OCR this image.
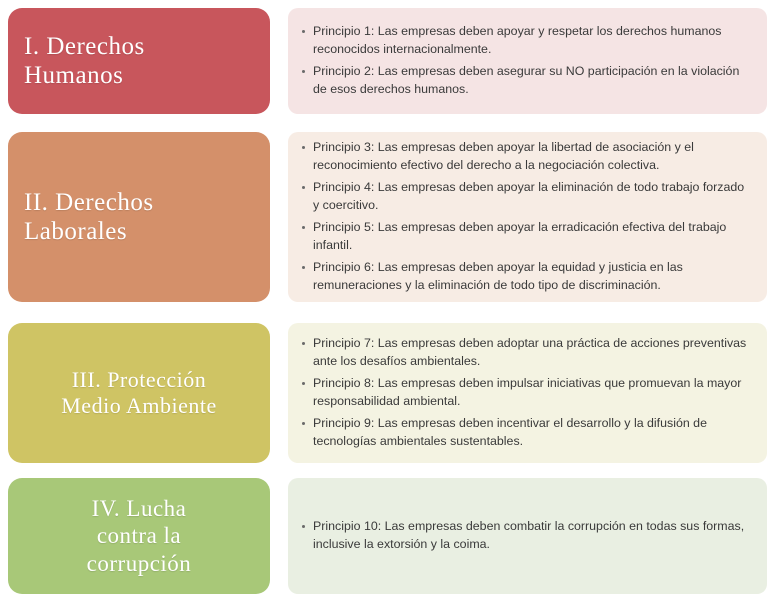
I. Derechos
Humanos
Principio 1: Las empresas deben apoyar y respetar los derechos humanos reconocidos internacionalmente.
Principio 2: Las empresas deben asegurar su NO participación en la violación de esos derechos humanos.
II. Derechos
Laborales
Principio 3: Las empresas deben apoyar la libertad de asociación y el reconocimiento efectivo del derecho a la negociación colectiva.
Principio 4: Las empresas deben apoyar la eliminación de todo trabajo forzado y coercitivo.
Principio 5: Las empresas deben apoyar la erradicación efectiva del trabajo infantil.
Principio 6: Las empresas deben apoyar la equidad y justicia en las remuneraciones y la eliminación de todo tipo de discriminación.
III. Protección
Medio Ambiente
Principio 7: Las empresas deben adoptar una práctica de acciones preventivas ante los desafíos ambientales.
Principio 8: Las empresas deben impulsar iniciativas que promuevan la mayor responsabilidad ambiental.
Principio 9: Las empresas deben incentivar el desarrollo y la difusión de tecnologías ambientales sustentables.
IV. Lucha
contra la
corrupción
Principio 10: Las empresas deben combatir la corrupción en todas sus formas, inclusive la extorsión y la coima.
